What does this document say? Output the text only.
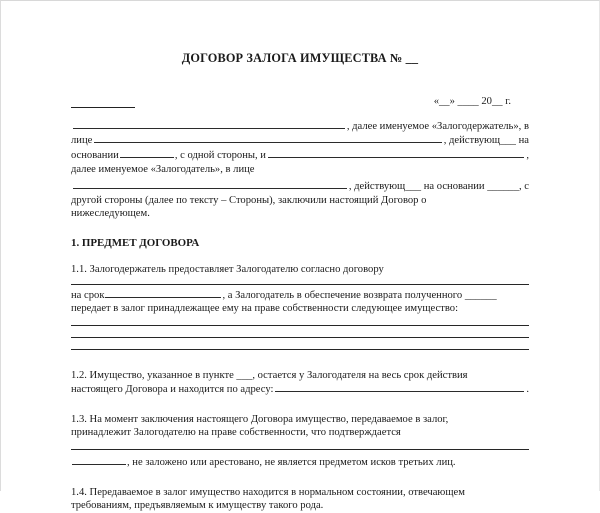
ДОГОВОР ЗАЛОГА ИМУЩЕСТВА № __
«__» ____ 20__ г.
, далее именуемое «Залогодержатель», в
лице	, действующ___ на
основании	, с одной стороны, и	,
далее именуемое «Залогодатель», в лице
, действующ___ на основании ______, с
другой стороны (далее по тексту – Стороны), заключили настоящий Договор о
нижеследующем.
1. ПРЕДМЕТ ДОГОВОРА
1.1. Залогодержатель предоставляет Залогодателю согласно договору
на срок	, а Залогодатель в обеспечение возврата полученного ______
передает в залог принадлежащее ему на праве собственности следующее имущество:
1.2. Имущество, указанное в пункте ___, остается у Залогодателя на весь срок действия
настоящего Договора и находится по адресу:	.
1.3. На момент заключения настоящего Договора имущество, передаваемое в залог,
принадлежит Залогодателю на праве собственности, что подтверждается
, не заложено или арестовано, не является предметом исков третьих лиц.
1.4. Передаваемое в залог имущество находится в нормальном состоянии, отвечающем
требованиям, предъявляемым к имуществу такого рода.
